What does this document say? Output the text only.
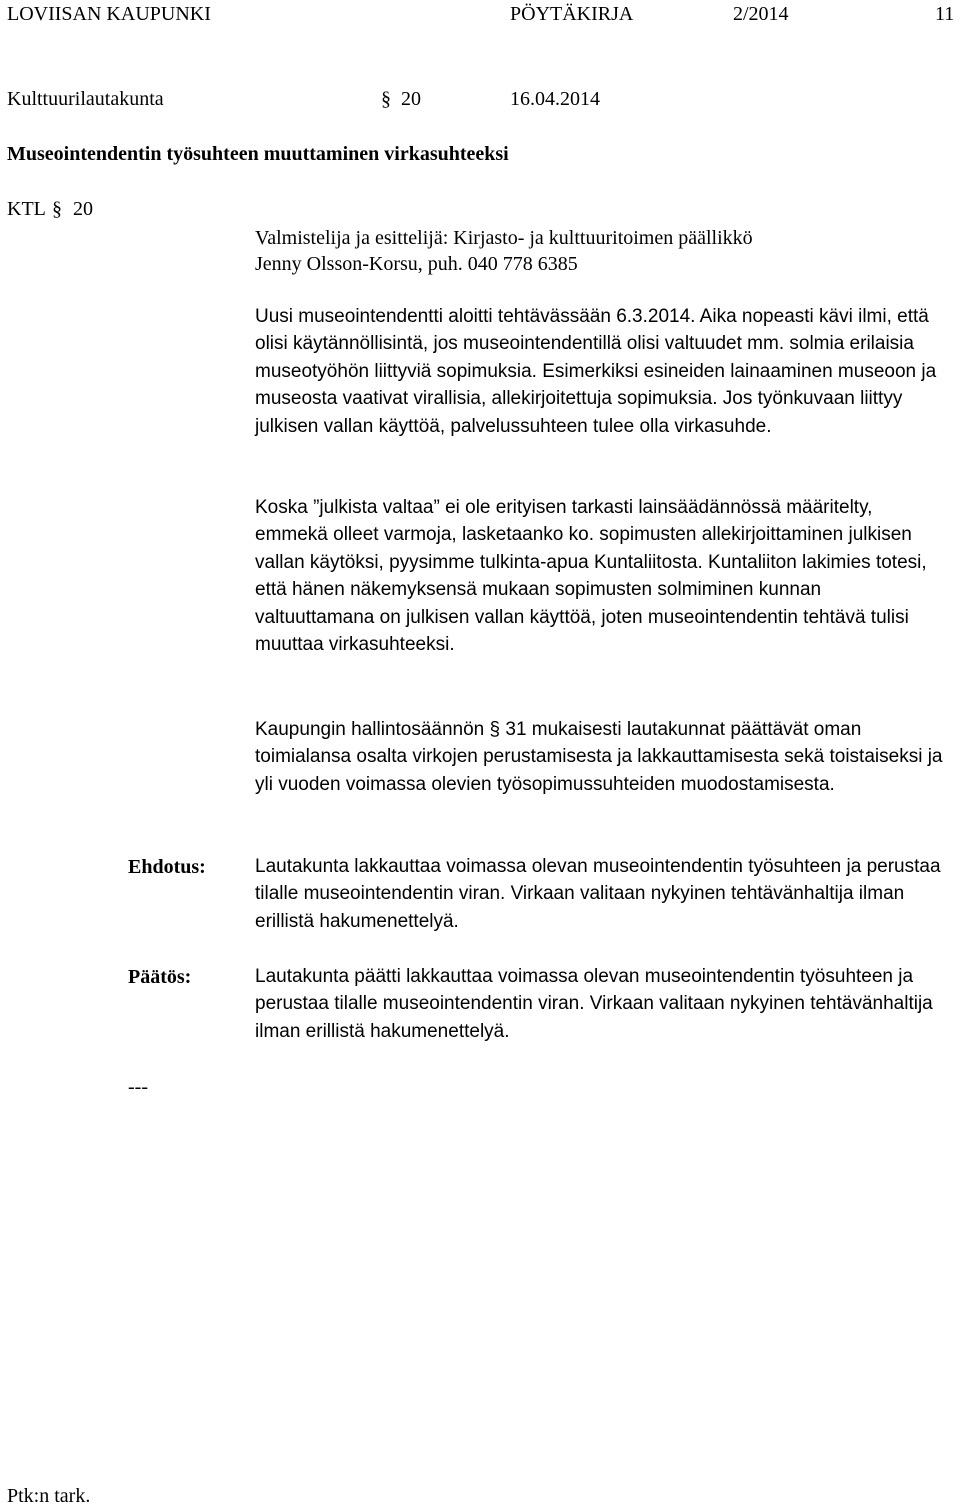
LOVIISAN KAUPUNKI	PÖYTÄKIRJA	2/2014	11
Kulttuurilautakunta	§ 20	16.04.2014
Museointendentin työsuhteen muuttaminen virkasuhteeksi
KTL § 20
Valmistelija ja esittelijä: Kirjasto- ja kulttuuritoimen päällikkö
Jenny Olsson-Korsu, puh. 040 778 6385

Uusi museointendentti aloitti tehtävässään 6.3.2014. Aika nopeasti kävi ilmi, että olisi käytännöllisintä, jos museointendentillä olisi valtuudet mm. solmia erilaisia museotyöhön liittyviä sopimuksia. Esimerkiksi esineiden lainaaminen museoon ja museosta vaativat virallisia, allekirjoitettuja sopimuksia. Jos työnkuvaan liittyy julkisen vallan käyttöä, palvelussuhteen tulee olla virkasuhde.

Koska ”julkista valtaa” ei ole erityisen tarkasti lainsäädännössä määritelty, emmekä olleet varmoja, lasketaanko ko. sopimusten allekirjoittaminen julkisen vallan käytöksi, pyysimme tulkinta-apua Kuntaliitosta. Kuntaliiton lakimies totesi, että hänen näkemyksensä mukaan sopimusten solmiminen kunnan valtuuttamana on julkisen vallan käyttöä, joten museointendentin tehtävä tulisi muuttaa virkasuhteeksi.

Kaupungin hallintosäännön § 31 mukaisesti lautakunnat päättävät oman toimialansa osalta virkojen perustamisesta ja lakkauttamisesta sekä toistaiseksi ja yli vuoden voimassa olevien työsopimussuhteiden muodostamisesta.

Ehdotus:	Lautakunta lakkauttaa voimassa olevan museointendentin työsuhteen ja perustaa tilalle museointendentin viran. Virkaan valitaan nykyinen tehtävänhaltija ilman erillistä hakumenettelyä.

Päätös:	Lautakunta päätti lakkauttaa voimassa olevan museointendentin työsuhteen ja perustaa tilalle museointendentin viran. Virkaan valitaan nykyinen tehtävänhaltija ilman erillistä hakumenettelyä.

---
Ptk:n tark.
